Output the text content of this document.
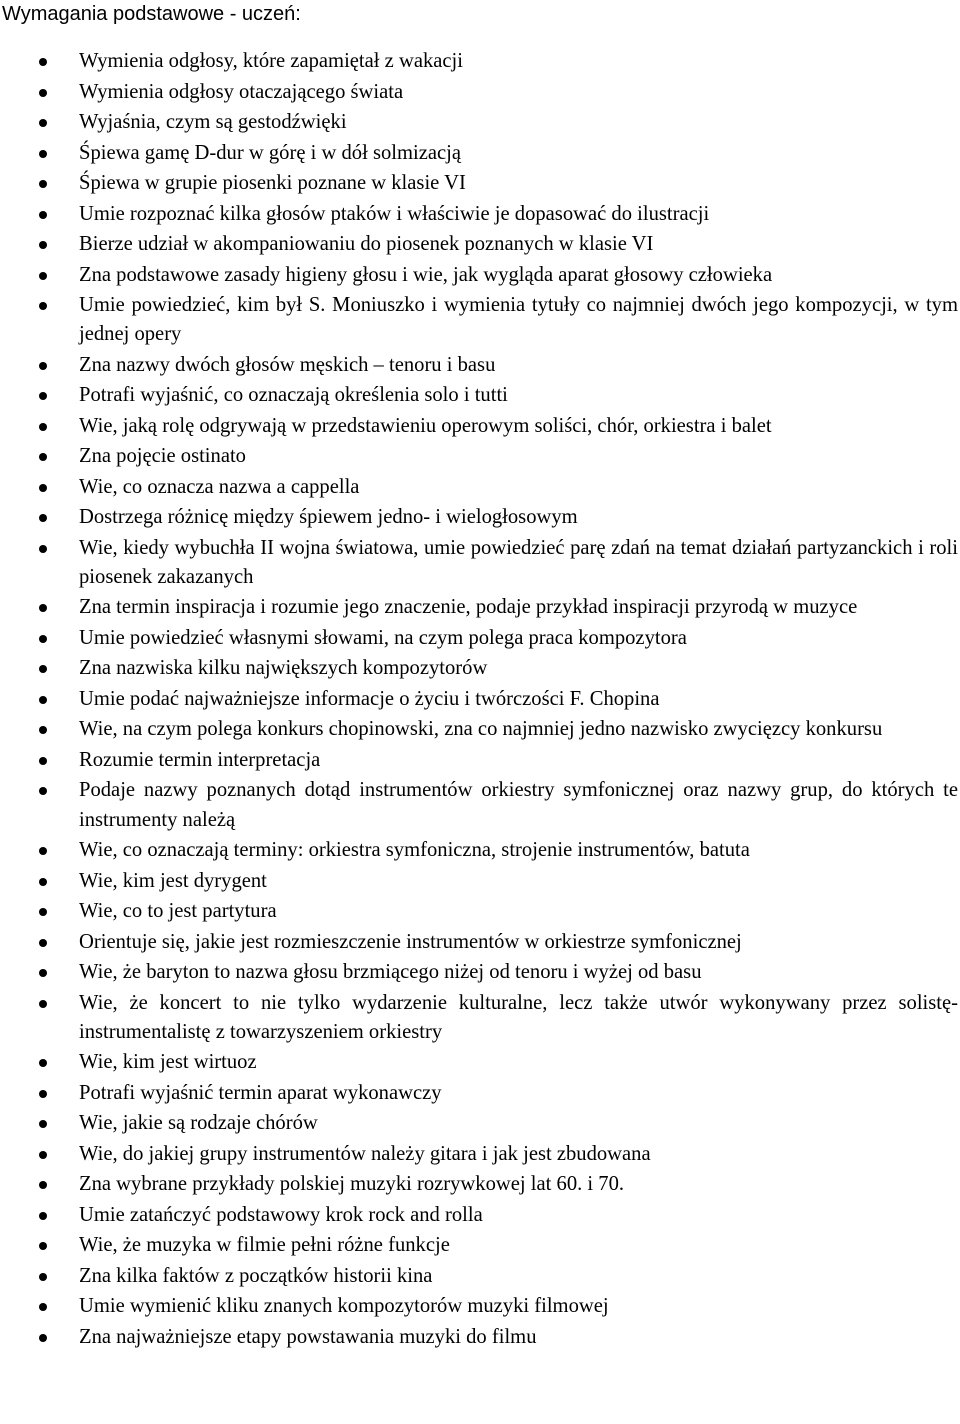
Wymagania podstawowe - uczeń:
Wymienia odgłosy, które zapamiętał z wakacji
Wymienia odgłosy otaczającego świata
Wyjaśnia, czym są gestodźwięki
Śpiewa gamę D-dur w górę i w dół solmizacją
Śpiewa w grupie piosenki poznane w klasie VI
Umie rozpoznać kilka głosów ptaków i właściwie je dopasować do ilustracji
Bierze udział w akompaniowaniu do piosenek poznanych w klasie VI
Zna podstawowe zasady higieny głosu i wie, jak wygląda aparat głosowy człowieka
Umie powiedzieć, kim był S. Moniuszko i wymienia tytuły co najmniej dwóch jego kompozycji, w tym jednej opery
Zna nazwy dwóch głosów męskich – tenoru i basu
Potrafi wyjaśnić, co oznaczają określenia solo i tutti
Wie, jaką rolę odgrywają w przedstawieniu operowym soliści, chór, orkiestra i balet
Zna pojęcie ostinato
Wie, co oznacza nazwa a cappella
Dostrzega różnicę między śpiewem jedno- i wielogłosowym
Wie, kiedy wybuchła II wojna światowa, umie powiedzieć parę zdań na temat działań partyzanckich i roli piosenek zakazanych
Zna termin inspiracja i rozumie jego znaczenie, podaje przykład inspiracji przyrodą w muzyce
Umie powiedzieć własnymi słowami, na czym polega praca kompozytora
Zna nazwiska kilku największych kompozytorów
Umie podać najważniejsze informacje o życiu i twórczości F. Chopina
Wie, na czym polega konkurs chopinowski, zna co najmniej jedno nazwisko zwycięzcy konkursu
Rozumie termin interpretacja
Podaje nazwy poznanych dotąd instrumentów orkiestry symfonicznej oraz nazwy grup, do których te instrumenty należą
Wie, co oznaczają terminy: orkiestra symfoniczna, strojenie instrumentów, batuta
Wie, kim jest dyrygent
Wie, co to jest partytura
Orientuje się, jakie jest rozmieszczenie instrumentów w orkiestrze symfonicznej
Wie, że baryton to nazwa głosu brzmiącego niżej od tenoru i wyżej od basu
Wie, że koncert to nie tylko wydarzenie kulturalne, lecz także utwór wykonywany przez solistę-instrumentalistę z towarzyszeniem orkiestry
Wie, kim jest wirtuoz
Potrafi wyjaśnić termin aparat wykonawczy
Wie, jakie są rodzaje chórów
Wie, do jakiej grupy instrumentów należy gitara i jak jest zbudowana
Zna wybrane przykłady polskiej muzyki rozrywkowej lat 60. i 70.
Umie zatańczyć podstawowy krok rock and rolla
Wie, że muzyka w filmie pełni różne funkcje
Zna kilka faktów z początków historii kina
Umie wymienić kliku znanych kompozytorów muzyki filmowej
Zna najważniejsze etapy powstawania muzyki do filmu
